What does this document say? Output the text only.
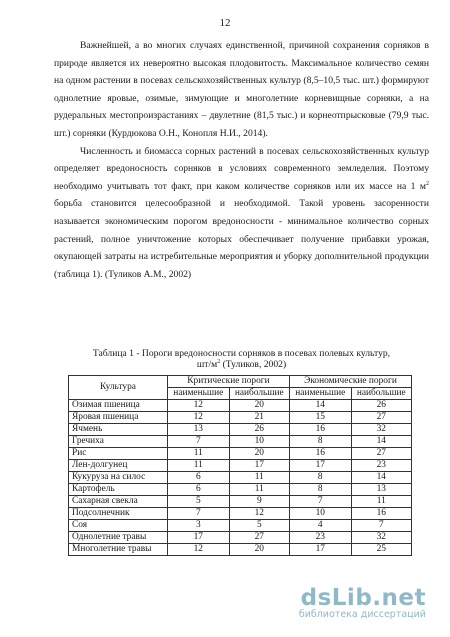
12

Важнейшей, а во многих случаях единственной, причиной сохранения сорняков в природе является их невероятно высокая плодовитость. Максимальное количество семян на одном растении в посевах сельскохозяйственных культур (8,5–10,5 тыс. шт.) формируют однолетние яровые, озимые, зимующие и многолетние корневищные сорняки, а на рудеральных местопроизрастаниях – двулетние (81,5 тыс.) и корнеотпрысковые (79,9 тыс. шт.) сорняки (Курдюкова О.Н., Конопля Н.И., 2014).

Численность и биомасса сорных растений в посевах сельскохозяйственных культур определяет вредоносность сорняков в условиях современного земледелия. Поэтому необходимо учитывать тот факт, при каком количестве сорняков или их массе на 1 $м^2$ борьба становится целесообразной и необходимой. Такой уровень засоренности называется экономическим порогом вредоносности - минимальное количество сорных растений, полное уничтожение которых обеспечивает получение прибавки урожая, окупающей затраты на истребительные мероприятия и уборку дополнительной продукции (таблица 1). (Туликов А.М., 2002)

Таблица 1 - Пороги вредоносности сорняков в посевах полевых культур,
$шт/м^2$ (Туликов, 2002)
Культура	Критические пороги		Экономические пороги	
	наименьшие	наибольшие	наименьшие	наибольшие
Озимая пшеница	12	20	14	26
Яровая пшеница	12	21	15	27
Ячмень	13	26	16	32
Гречиха	7	10	8	14
Рис	11	20	16	27
Лен-долгунец	11	17	17	23
Кукуруза на силос	6	11	8	14
Картофель	6	11	8	13
Сахарная свекла	5	9	7	11
Подсолнечник	7	12	10	16
Соя	3	5	4	7
Однолетние травы	17	27	23	32
Многолетние травы	12	20	17	25
dsLib.net
библиотека диссертаций
